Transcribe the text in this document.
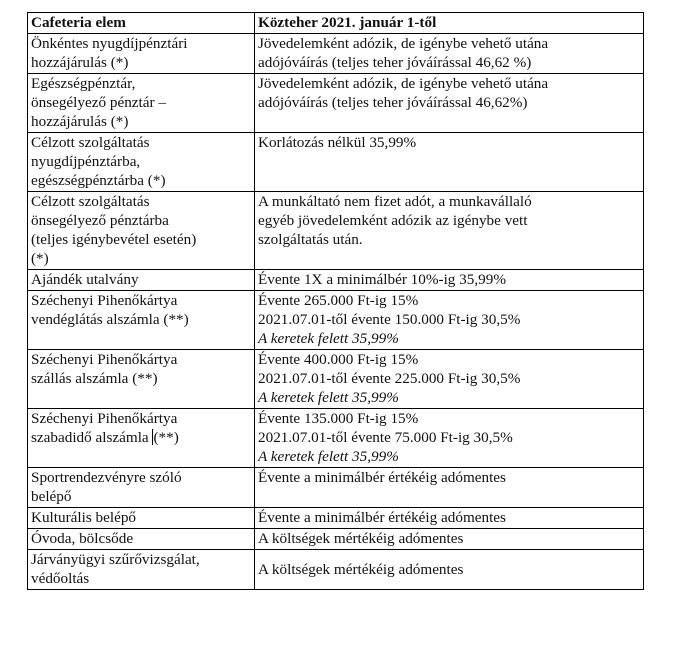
Cafeteria elem	Közteher 2021. január 1-től

Önkéntes nyugdíjpénztári
hozzájárulás (*)	Jövedelemként adózik, de igénybe vehető utána
adójóváírás (teljes teher jóváírással 46,62 %)

Egészségpénztár,
önsegélyező pénztár –
hozzájárulás (*)	Jövedelemként adózik, de igénybe vehető utána
adójóváírás (teljes teher jóváírással 46,62%)

Célzott szolgáltatás
nyugdíjpénztárba,
egészségpénztárba (*)	Korlátozás nélkül 35,99%

Célzott szolgáltatás
önsegélyező pénztárba
(teljes igénybevétel esetén)
(*)	A munkáltató nem fizet adót, a munkavállaló
egyéb jövedelemként adózik az igénybe vett
szolgáltatás után.

Ajándék utalvány	Évente 1X a minimálbér 10%-ig 35,99%

Széchenyi Pihenőkártya
vendéglátás alszámla (**)	Évente 265.000 Ft-ig 15%
2021.07.01-től évente 150.000 Ft-ig 30,5%
A keretek felett 35,99%

Széchenyi Pihenőkártya
szállás alszámla (**)	Évente 400.000 Ft-ig 15%
2021.07.01-től évente 225.000 Ft-ig 30,5%
A keretek felett 35,99%

Széchenyi Pihenőkártya
szabadidő alszámla (**)	Évente 135.000 Ft-ig 15%
2021.07.01-től évente 75.000 Ft-ig 30,5%
A keretek felett 35,99%

Sportrendezvényre szóló
belépő	Évente a minimálbér értékéig adómentes

Kulturális belépő	Évente a minimálbér értékéig adómentes

Óvoda, bölcsőde	A költségek mértékéig adómentes

Járványügyi szűrővizsgálat,
védőoltás	A költségek mértékéig adómentes
